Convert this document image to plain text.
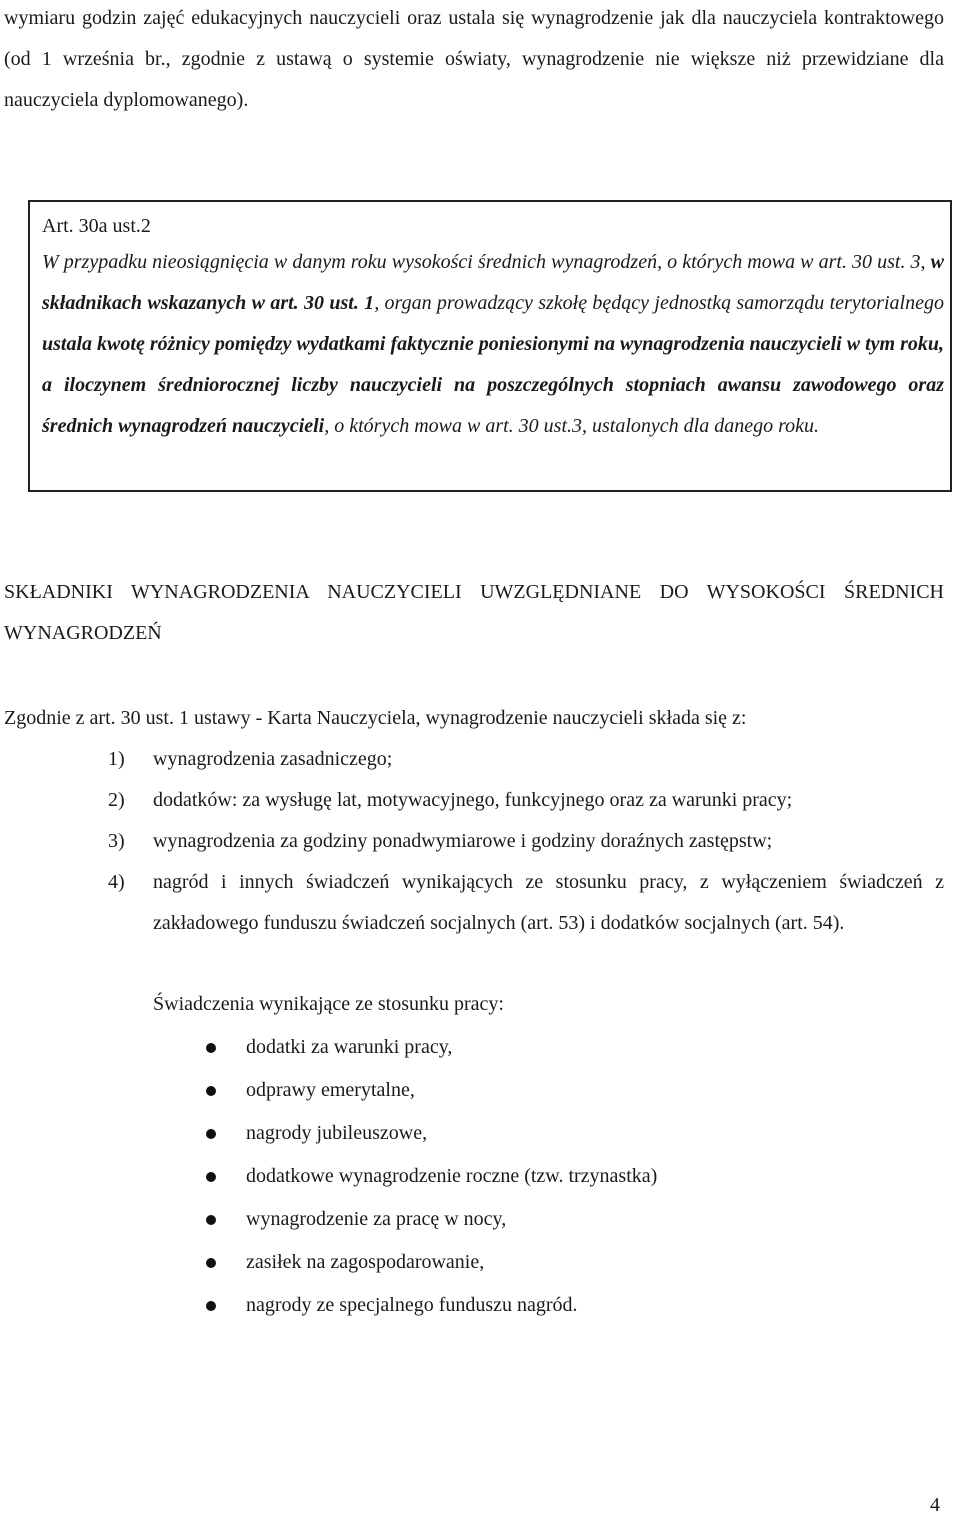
wymiaru godzin zajęć edukacyjnych nauczycieli oraz ustala się wynagrodzenie jak dla nauczyciela kontraktowego (od 1 września br., zgodnie z ustawą o systemie oświaty, wynagrodzenie nie większe niż przewidziane dla nauczyciela dyplomowanego).
Art. 30a ust.2
W przypadku nieosiągnięcia w danym roku wysokości średnich wynagrodzeń, o których mowa w art. 30 ust. 3, w składnikach wskazanych w art. 30 ust. 1, organ prowadzący szkołę będący jednostką samorządu terytorialnego ustala kwotę różnicy pomiędzy wydatkami faktycznie poniesionymi na wynagrodzenia nauczycieli w tym roku, a iloczynem średniorocznej liczby nauczycieli na poszczególnych stopniach awansu zawodowego oraz średnich wynagrodzeń nauczycieli, o których mowa w art. 30 ust.3, ustalonych dla danego roku.
SKŁADNIKI WYNAGRODZENIA NAUCZYCIELI UWZGLĘDNIANE DO WYSOKOŚCI ŚREDNICH WYNAGRODZEŃ
Zgodnie z art. 30 ust. 1 ustawy - Karta Nauczyciela, wynagrodzenie nauczycieli składa się z:
1) wynagrodzenia zasadniczego;
2) dodatków: za wysługę lat, motywacyjnego, funkcyjnego oraz za warunki pracy;
3) wynagrodzenia za godziny ponadwymiarowe i godziny doraźnych zastępstw;
4) nagród i innych świadczeń wynikających ze stosunku pracy, z wyłączeniem świadczeń z zakładowego funduszu świadczeń socjalnych (art. 53) i dodatków socjalnych (art. 54).
Świadczenia wynikające ze stosunku pracy:
dodatki za warunki pracy,
odprawy emerytalne,
nagrody jubileuszowe,
dodatkowe wynagrodzenie roczne (tzw. trzynastka)
wynagrodzenie za pracę w nocy,
zasiłek na zagospodarowanie,
nagrody ze specjalnego funduszu nagród.
4
